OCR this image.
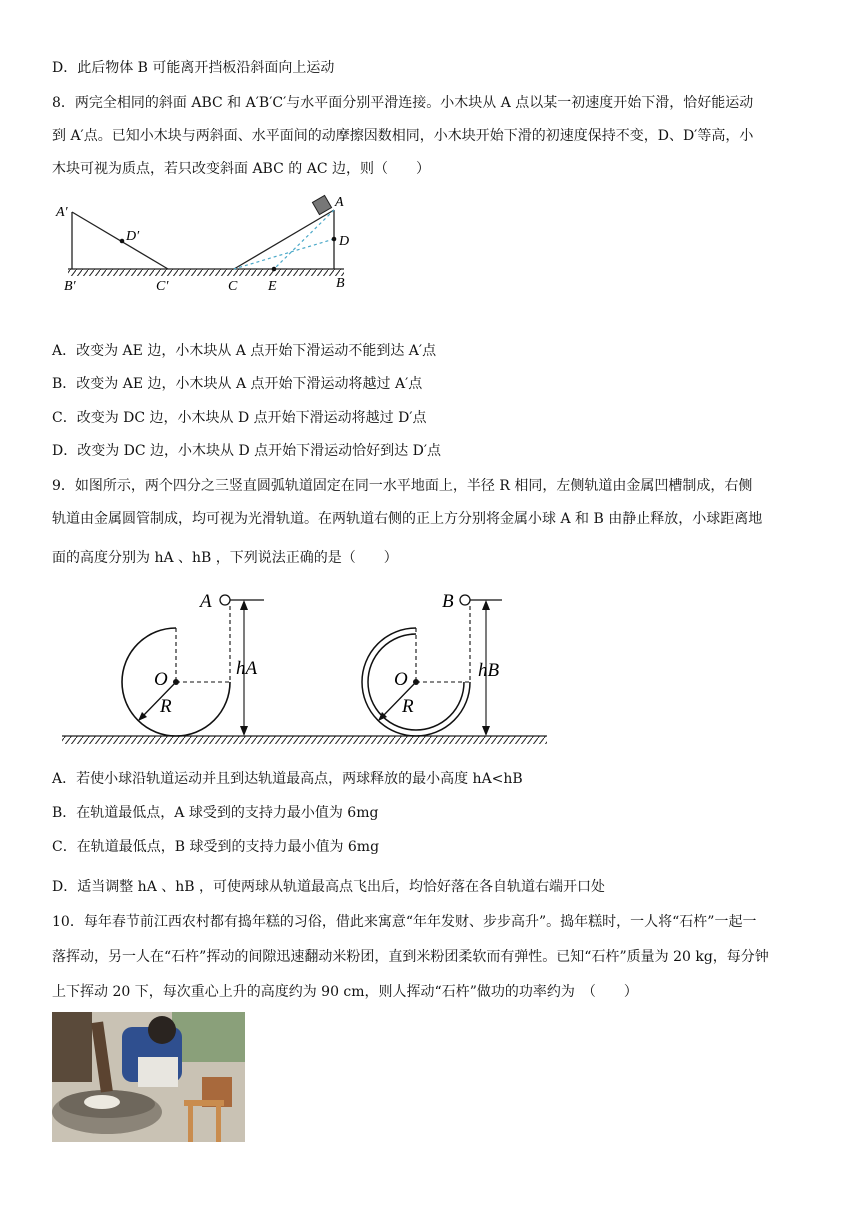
D．此后物体 B 可能离开挡板沿斜面向上运动
8．两完全相同的斜面 ABC 和 A′B′C′与水平面分别平滑连接。小木块从 A 点以某一初速度开始下滑，恰好能运动
到 A′点。已知小木块与两斜面、水平面间的动摩擦因数相同，小木块开始下滑的初速度保持不变，D、D′等高，小
木块可视为质点，若只改变斜面 ABC 的 AC 边，则（　　）
A′
D′
B′	C′	C E	B
A
D
A．改变为 AE 边，小木块从 A 点开始下滑运动不能到达 A′点
B．改变为 AE 边，小木块从 A 点开始下滑运动将越过 A′点
C．改变为 DC 边，小木块从 D 点开始下滑运动将越过 D′点
D．改变为 DC 边，小木块从 D 点开始下滑运动恰好到达 D′点
9．如图所示，两个四分之三竖直圆弧轨道固定在同一水平地面上，半径 R 相同，左侧轨道由金属凹槽制成，右侧
轨道由金属圆管制成，均可视为光滑轨道。在两轨道右侧的正上方分别将金属小球 A 和 B 由静止释放，小球距离地
面的高度分别为 hA 、hB ，下列说法正确的是（　　）
A
O
R
hA
B
O
R
hB
A．若使小球沿轨道运动并且到达轨道最高点，两球释放的最小高度 hA<hB
B．在轨道最低点，A 球受到的支持力最小值为 6mg
C．在轨道最低点，B 球受到的支持力最小值为 6mg
D．适当调整 hA 、hB ，可使两球从轨道最高点飞出后，均恰好落在各自轨道右端开口处
10．每年春节前江西农村都有捣年糕的习俗，借此来寓意“年年发财、步步高升”。捣年糕时，一人将“石杵”一起一
落挥动，另一人在“石杵”挥动的间隙迅速翻动米粉团，直到米粉团柔软而有弹性。已知“石杵”质量为 20 kg，每分钟
上下挥动 20 下，每次重心上升的高度约为 90 cm，则人挥动“石杵”做功的功率约为　（　　）
